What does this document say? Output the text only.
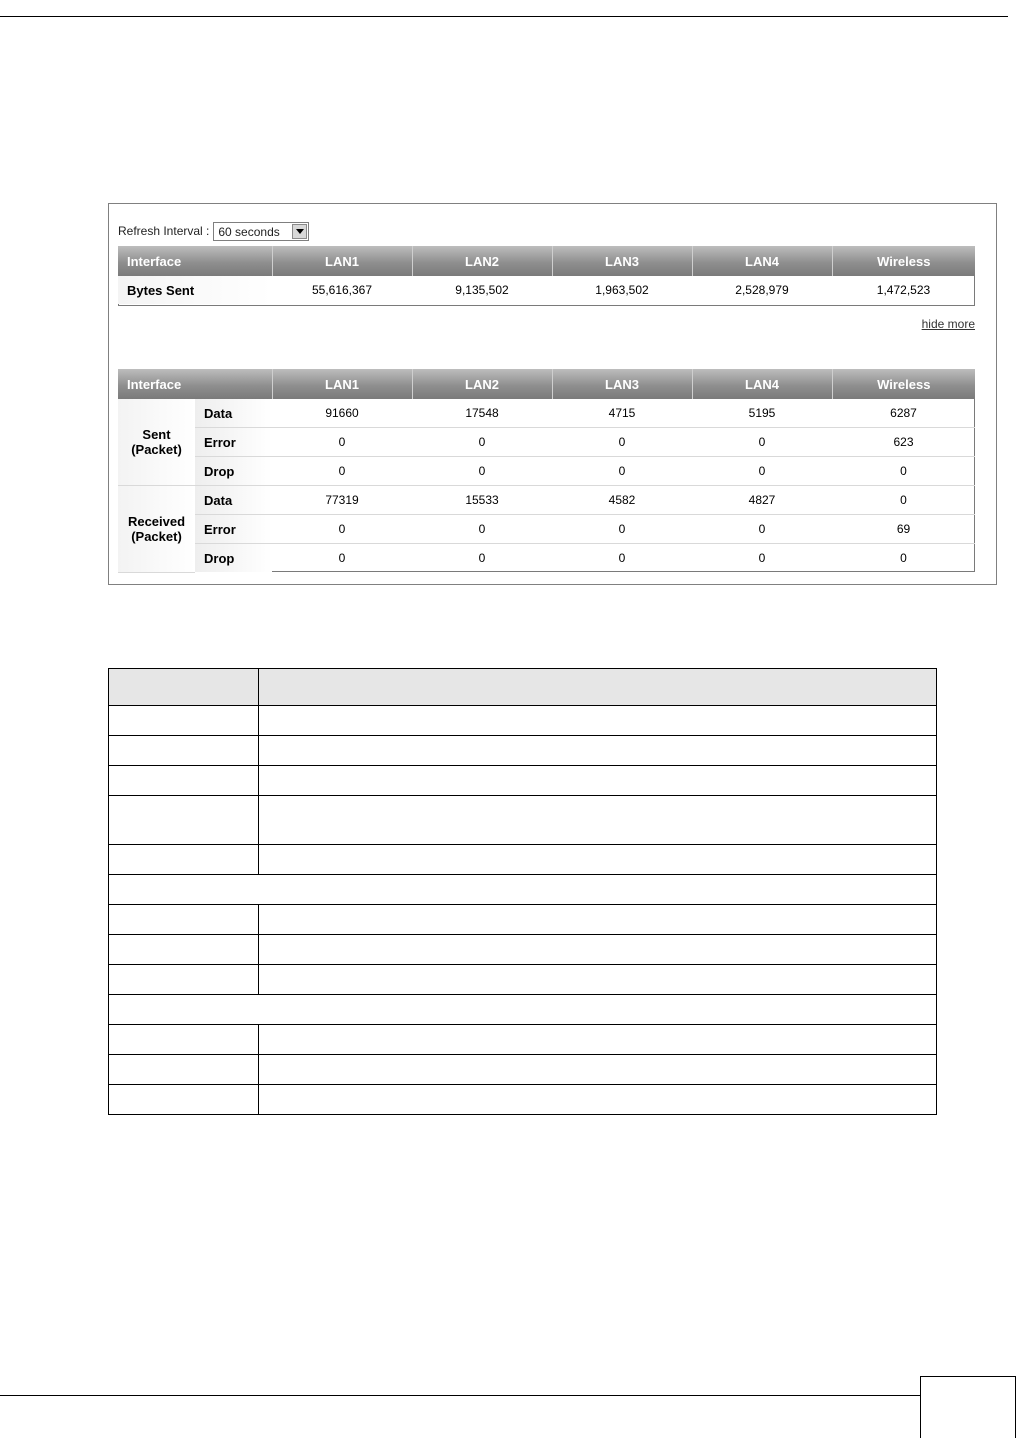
Refresh Interval : 60 seconds
Interface	LAN1	LAN2	LAN3	LAN4	Wireless
Bytes Sent	55,616,367	9,135,502	1,963,502	2,528,979	1,472,523
hide more
Interface		LAN1	LAN2	LAN3	LAN4	Wireless

Sent
(Packet)	Data	91660	17548	4715	5195	6287
	Error	0	0	0	0	623
	Drop	0	0	0	0	0

Received
(Packet)	Data	77319	15533	4582	4827	0
	Error	0	0	0	0	69
	Drop	0	0	0	0	0
